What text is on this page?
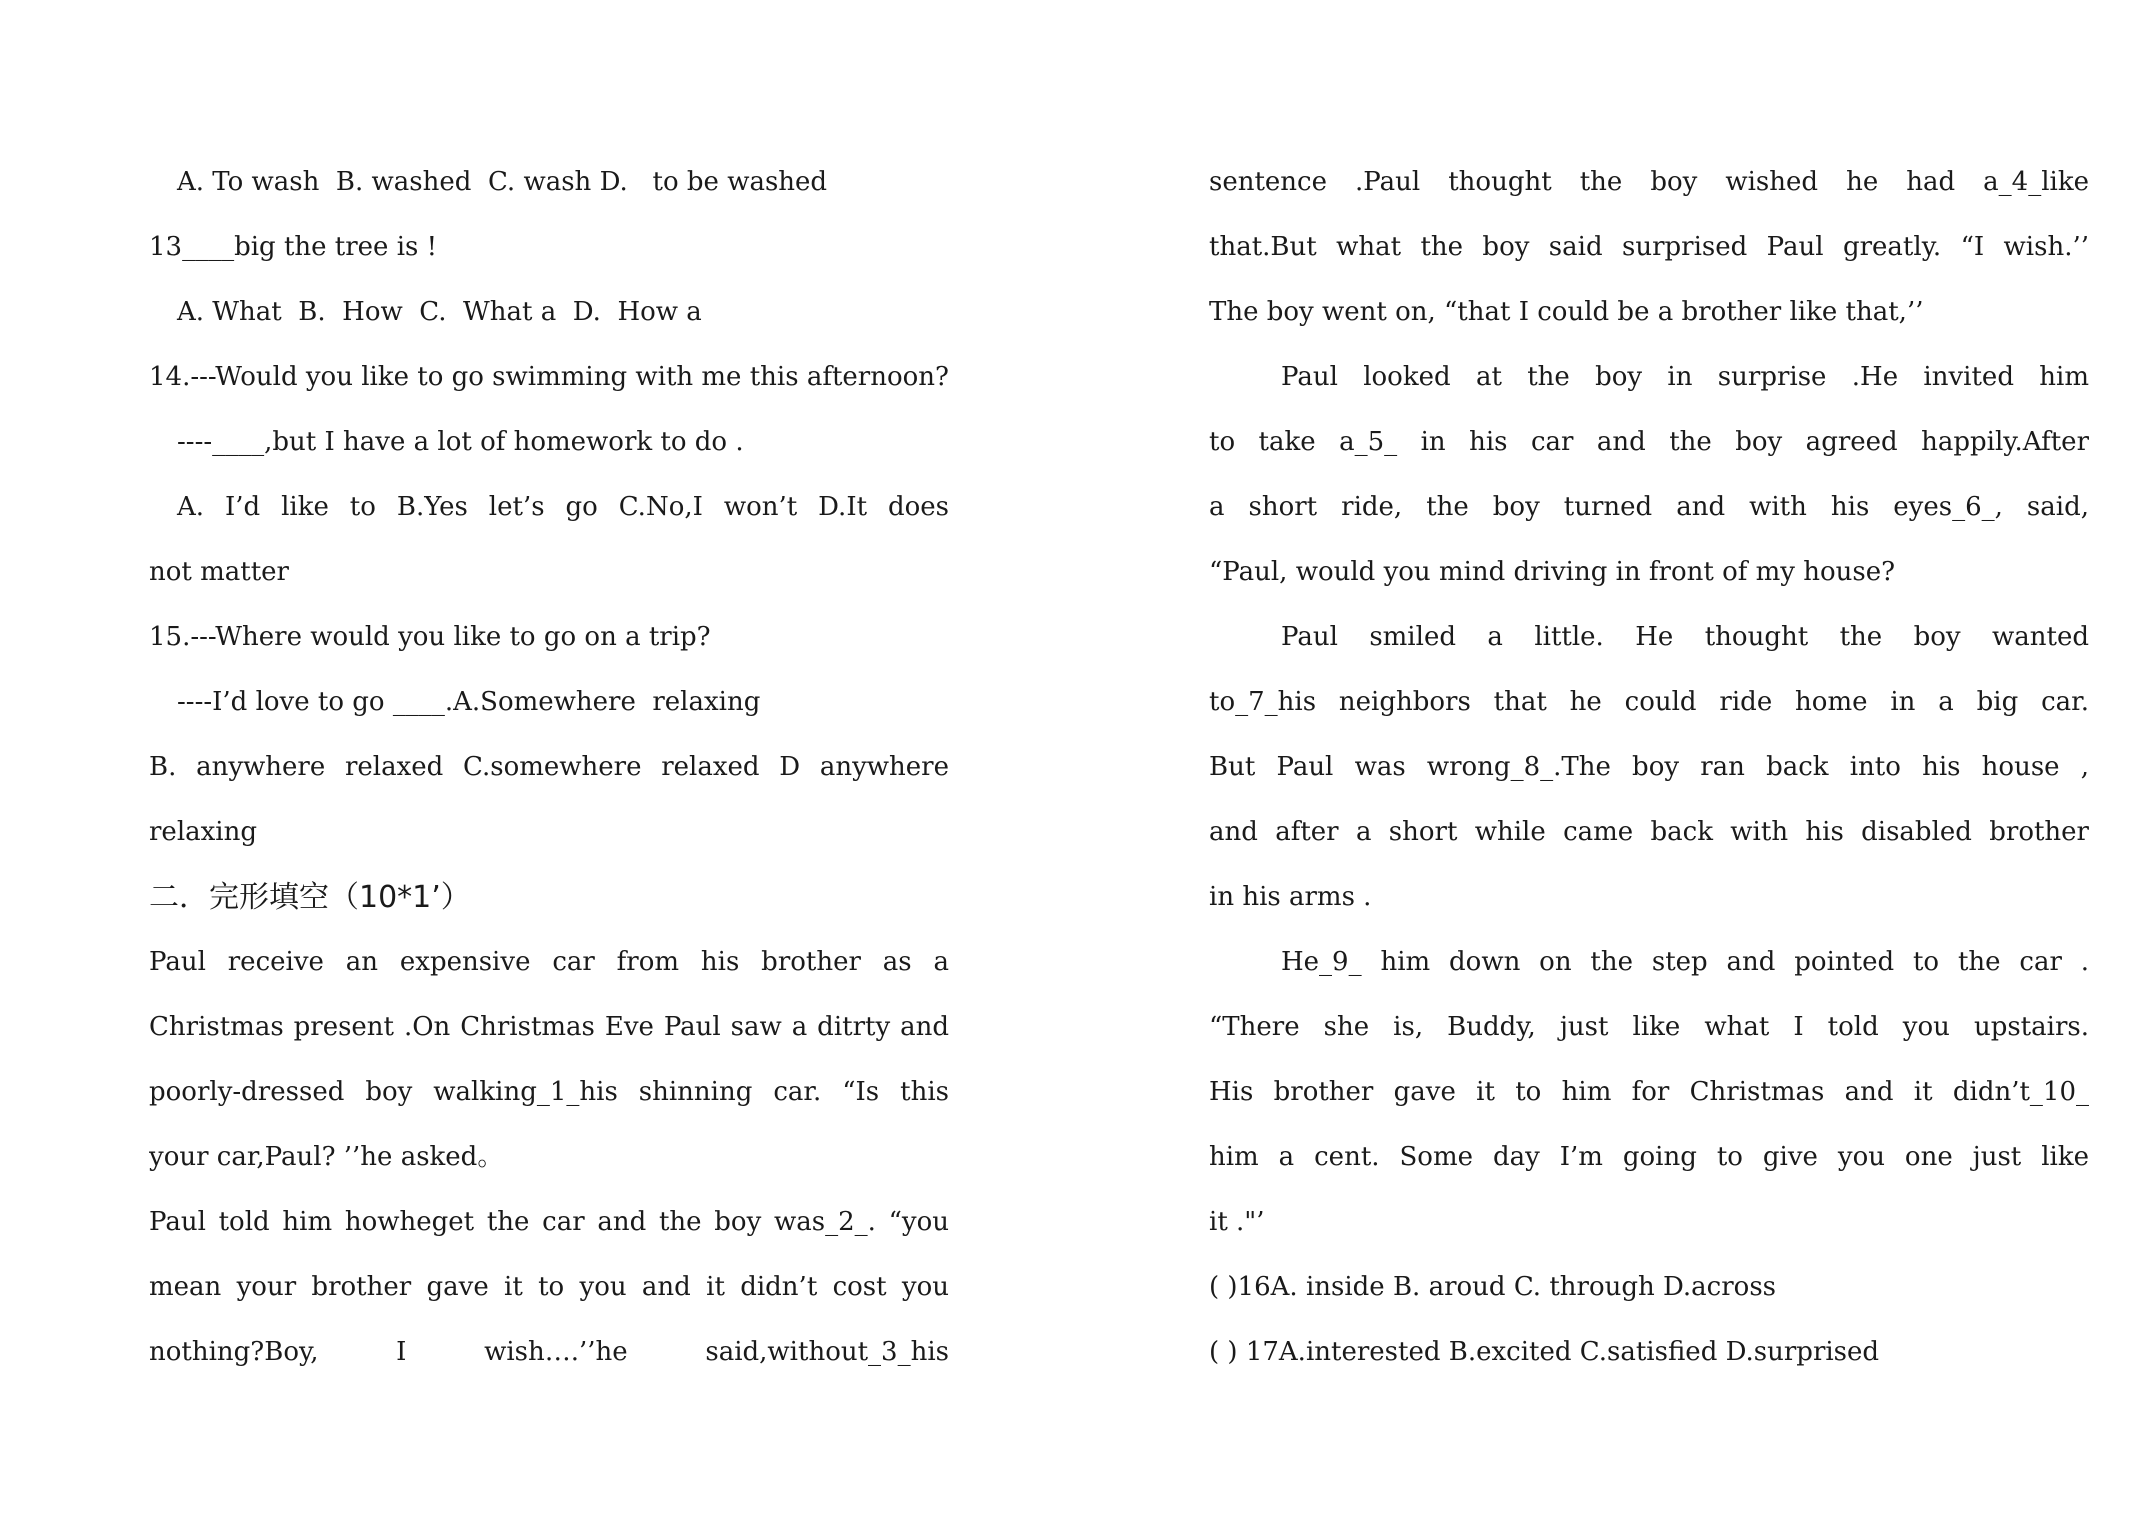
A. To wash  B. washed  C. wash D.   to be washed
13____big the tree is !
A. What  B.  How  C.  What a  D.  How a
14.---Would you like to go swimming with me this afternoon?
----____,but I have a lot of homework to do .
A. I’d like to B.Yes let’s go C.No,I won’t D.It does
not matter
15.---Where would you like to go on a trip?
----I’d love to go ____.A.Somewhere  relaxing
B. anywhere relaxed C.somewhere relaxed D anywhere
relaxing
二．完形填空（10*1’）
Paul receive an expensive car from his brother as a
Christmas present .On Christmas Eve Paul saw a ditrty and
poorly-dressed boy walking_1_his shinning car. “Is this
your car,Paul? ’’he asked。
Paul told him howheget the car and the boy was_2_. “you
mean your brother gave it to you and it didn’t cost you
nothing?Boy, I wish….’’he said,without_3_his
sentence .Paul thought the boy wished he had a_4_like
that.But what the boy said surprised Paul greatly. “I wish.’’
The boy went on, “that I could be a brother like that,’’
Paul looked at the boy in surprise .He invited him
to take a_5_ in his car and the boy agreed happily.After
a short ride, the boy turned and with his eyes_6_, said,
“Paul, would you mind driving in front of my house?
Paul smiled a little. He thought the boy wanted
to_7_his neighbors that he could ride home in a big car.
But Paul was wrong_8_.The boy ran back into his house ,
and after a short while came back with his disabled brother
in his arms .
He_9_ him down on the step and pointed to the car .
“There she is, Buddy, just like what I told you upstairs.
His brother gave it to him for Christmas and it didn’t_10_
him a cent. Some day I’m going to give you one just like
it ."’
( )16A. inside B. aroud C. through D.across
( ) 17A.interested B.excited C.satisfied D.surprised
